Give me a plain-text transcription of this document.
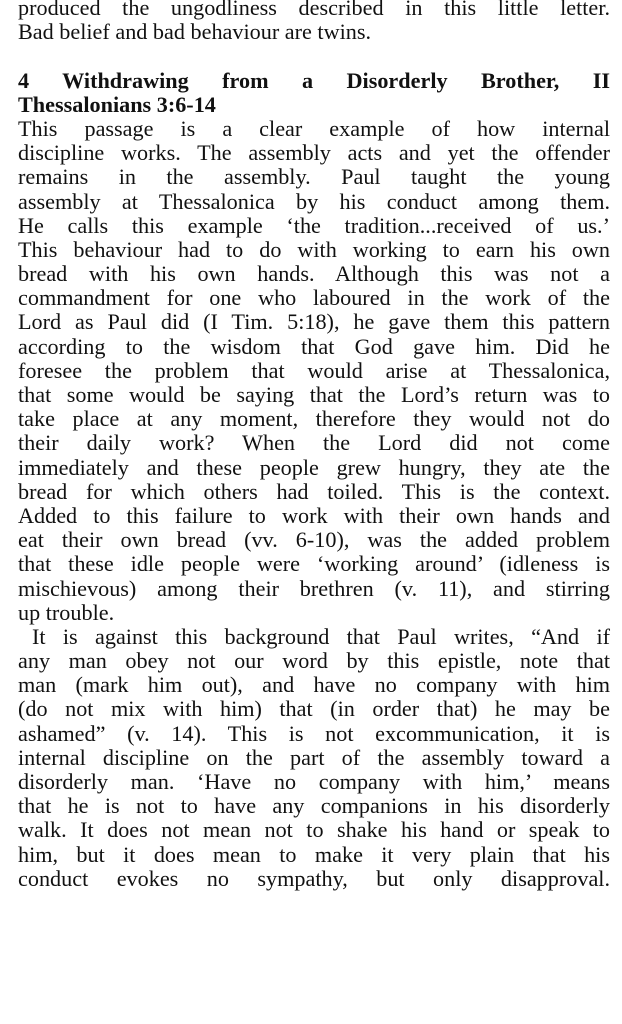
produced the ungodliness described in this little letter.
Bad belief and bad behaviour are twins.
4 Withdrawing from a Disorderly Brother, II
Thessalonians 3:6-14
This passage is a clear example of how internal
discipline works. The assembly acts and yet the offender
remains in the assembly. Paul taught the young
assembly at Thessalonica by his conduct among them.
He calls this example ‘the tradition...received of us.’
This behaviour had to do with working to earn his own
bread with his own hands. Although this was not a
commandment for one who laboured in the work of the
Lord as Paul did (I Tim. 5:18), he gave them this pattern
according to the wisdom that God gave him. Did he
foresee the problem that would arise at Thessalonica,
that some would be saying that the Lord’s return was to
take place at any moment, therefore they would not do
their daily work? When the Lord did not come
immediately and these people grew hungry, they ate the
bread for which others had toiled. This is the context.
Added to this failure to work with their own hands and
eat their own bread (vv. 6-10), was the added problem
that these idle people were ‘working around’ (idleness is
mischievous) among their brethren (v. 11), and stirring
up trouble.
It is against this background that Paul writes, “And if
any man obey not our word by this epistle, note that
man (mark him out), and have no company with him
(do not mix with him) that (in order that) he may be
ashamed” (v. 14). This is not excommunication, it is
internal discipline on the part of the assembly toward a
disorderly man. ‘Have no company with him,’ means
that he is not to have any companions in his disorderly
walk. It does not mean not to shake his hand or speak to
him, but it does mean to make it very plain that his
conduct evokes no sympathy, but only disapproval.
